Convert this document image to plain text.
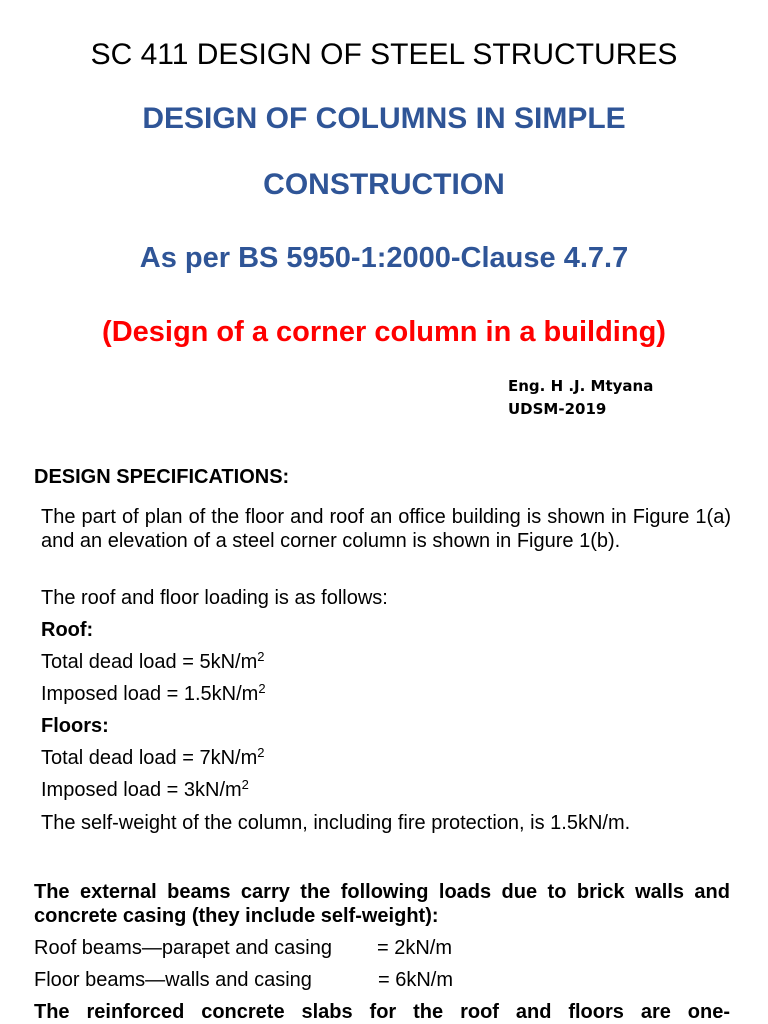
SC 411 DESIGN OF STEEL STRUCTURES
DESIGN OF COLUMNS IN SIMPLE
CONSTRUCTION
As per BS 5950-1:2000-Clause 4.7.7
(Design of a corner column in a building)
Eng. H .J. Mtyana
UDSM-2019
DESIGN SPECIFICATIONS:
The part of plan of the floor and roof an office building is shown in Figure 1(a) and an elevation of a steel corner column is shown in Figure 1(b).
The roof and floor loading is as follows:
Roof:
Total dead load = $5kN/m^2$
Imposed load = $1.5kN/m^2$
Floors:
Total dead load = $7kN/m^2$
Imposed load = $3kN/m^2$
The self-weight of the column, including fire protection, is 1.5kN/m.
The external beams carry the following loads due to brick walls and concrete casing (they include self-weight):
Roof beams—parapet and casing = 2kN/m
Floor beams—walls and casing	= 6kN/m
The reinforced concrete slabs for the roof and floors are one-
